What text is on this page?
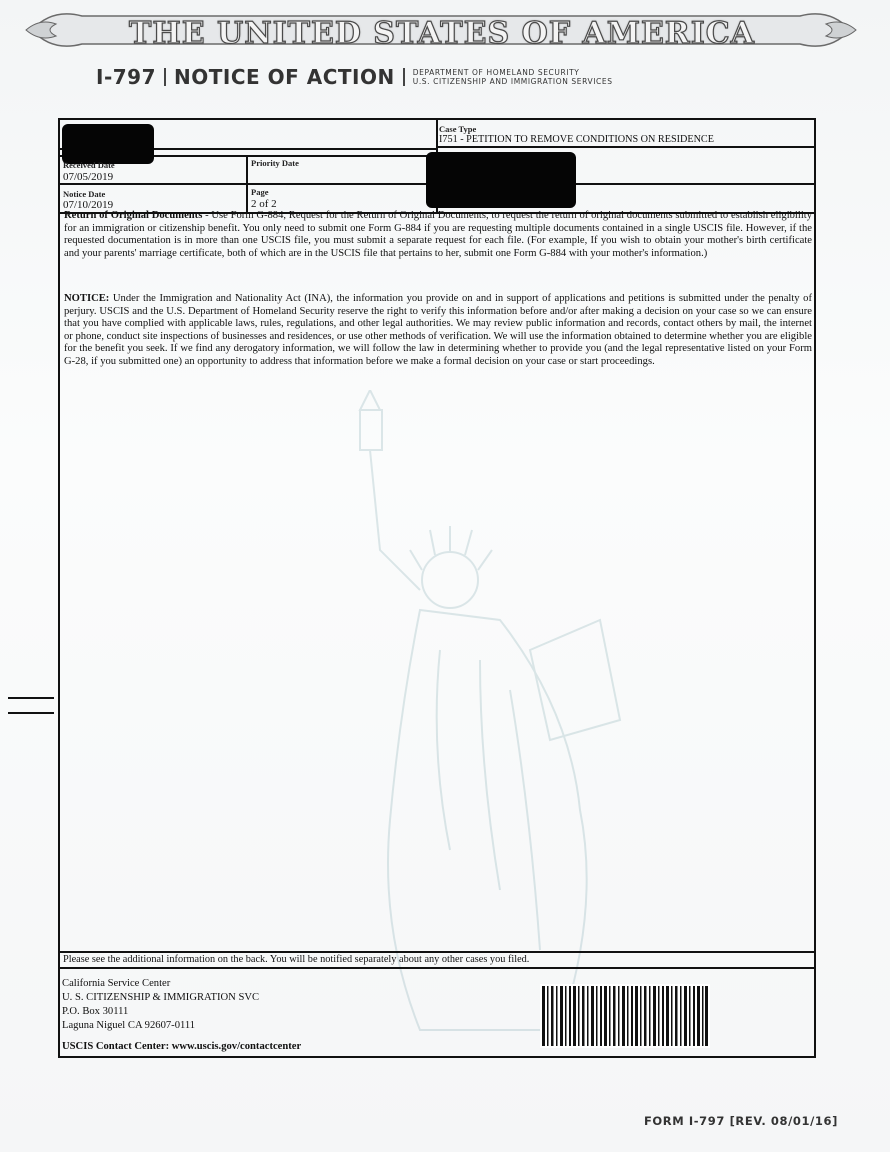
THE UNITED STATES OF AMERICA
I-797 NOTICE OF ACTION DEPARTMENT OF HOMELAND SECURITY
U.S. CITIZENSHIP AND IMMIGRATION SERVICES
Case Type
I751 - PETITION TO REMOVE CONDITIONS ON RESIDENCE
Received Date
07/05/2019
Priority Date
Notice Date
07/10/2019
Page
2 of 2
Return of Original Documents - Use Form G-884, Request for the Return of Original Documents, to request the return of original documents submitted to establish eligibility for an immigration or citizenship benefit. You only need to submit one Form G-884 if you are requesting multiple documents contained in a single USCIS file. However, if the requested documentation is in more than one USCIS file, you must submit a separate request for each file. (For example, If you wish to obtain your mother's birth certificate and your parents' marriage certificate, both of which are in the USCIS file that pertains to her, submit one Form G-884 with your mother's information.)
NOTICE: Under the Immigration and Nationality Act (INA), the information you provide on and in support of applications and petitions is submitted under the penalty of perjury. USCIS and the U.S. Department of Homeland Security reserve the right to verify this information before and/or after making a decision on your case so we can ensure that you have complied with applicable laws, rules, regulations, and other legal authorities. We may review public information and records, contact others by mail, the internet or phone, conduct site inspections of businesses and residences, or use other methods of verification. We will use the information obtained to determine whether you are eligible for the benefit you seek. If we find any derogatory information, we will follow the law in determining whether to provide you (and the legal representative listed on your Form G-28, if you submitted one) an opportunity to address that information before we make a formal decision on your case or start proceedings.
Please see the additional information on the back. You will be notified separately about any other cases you filed.
California Service Center
U. S. CITIZENSHIP & IMMIGRATION SVC
P.O. Box 30111
Laguna Niguel CA 92607-0111
USCIS Contact Center: www.uscis.gov/contactcenter
FORM I-797 [REV. 08/01/16]
